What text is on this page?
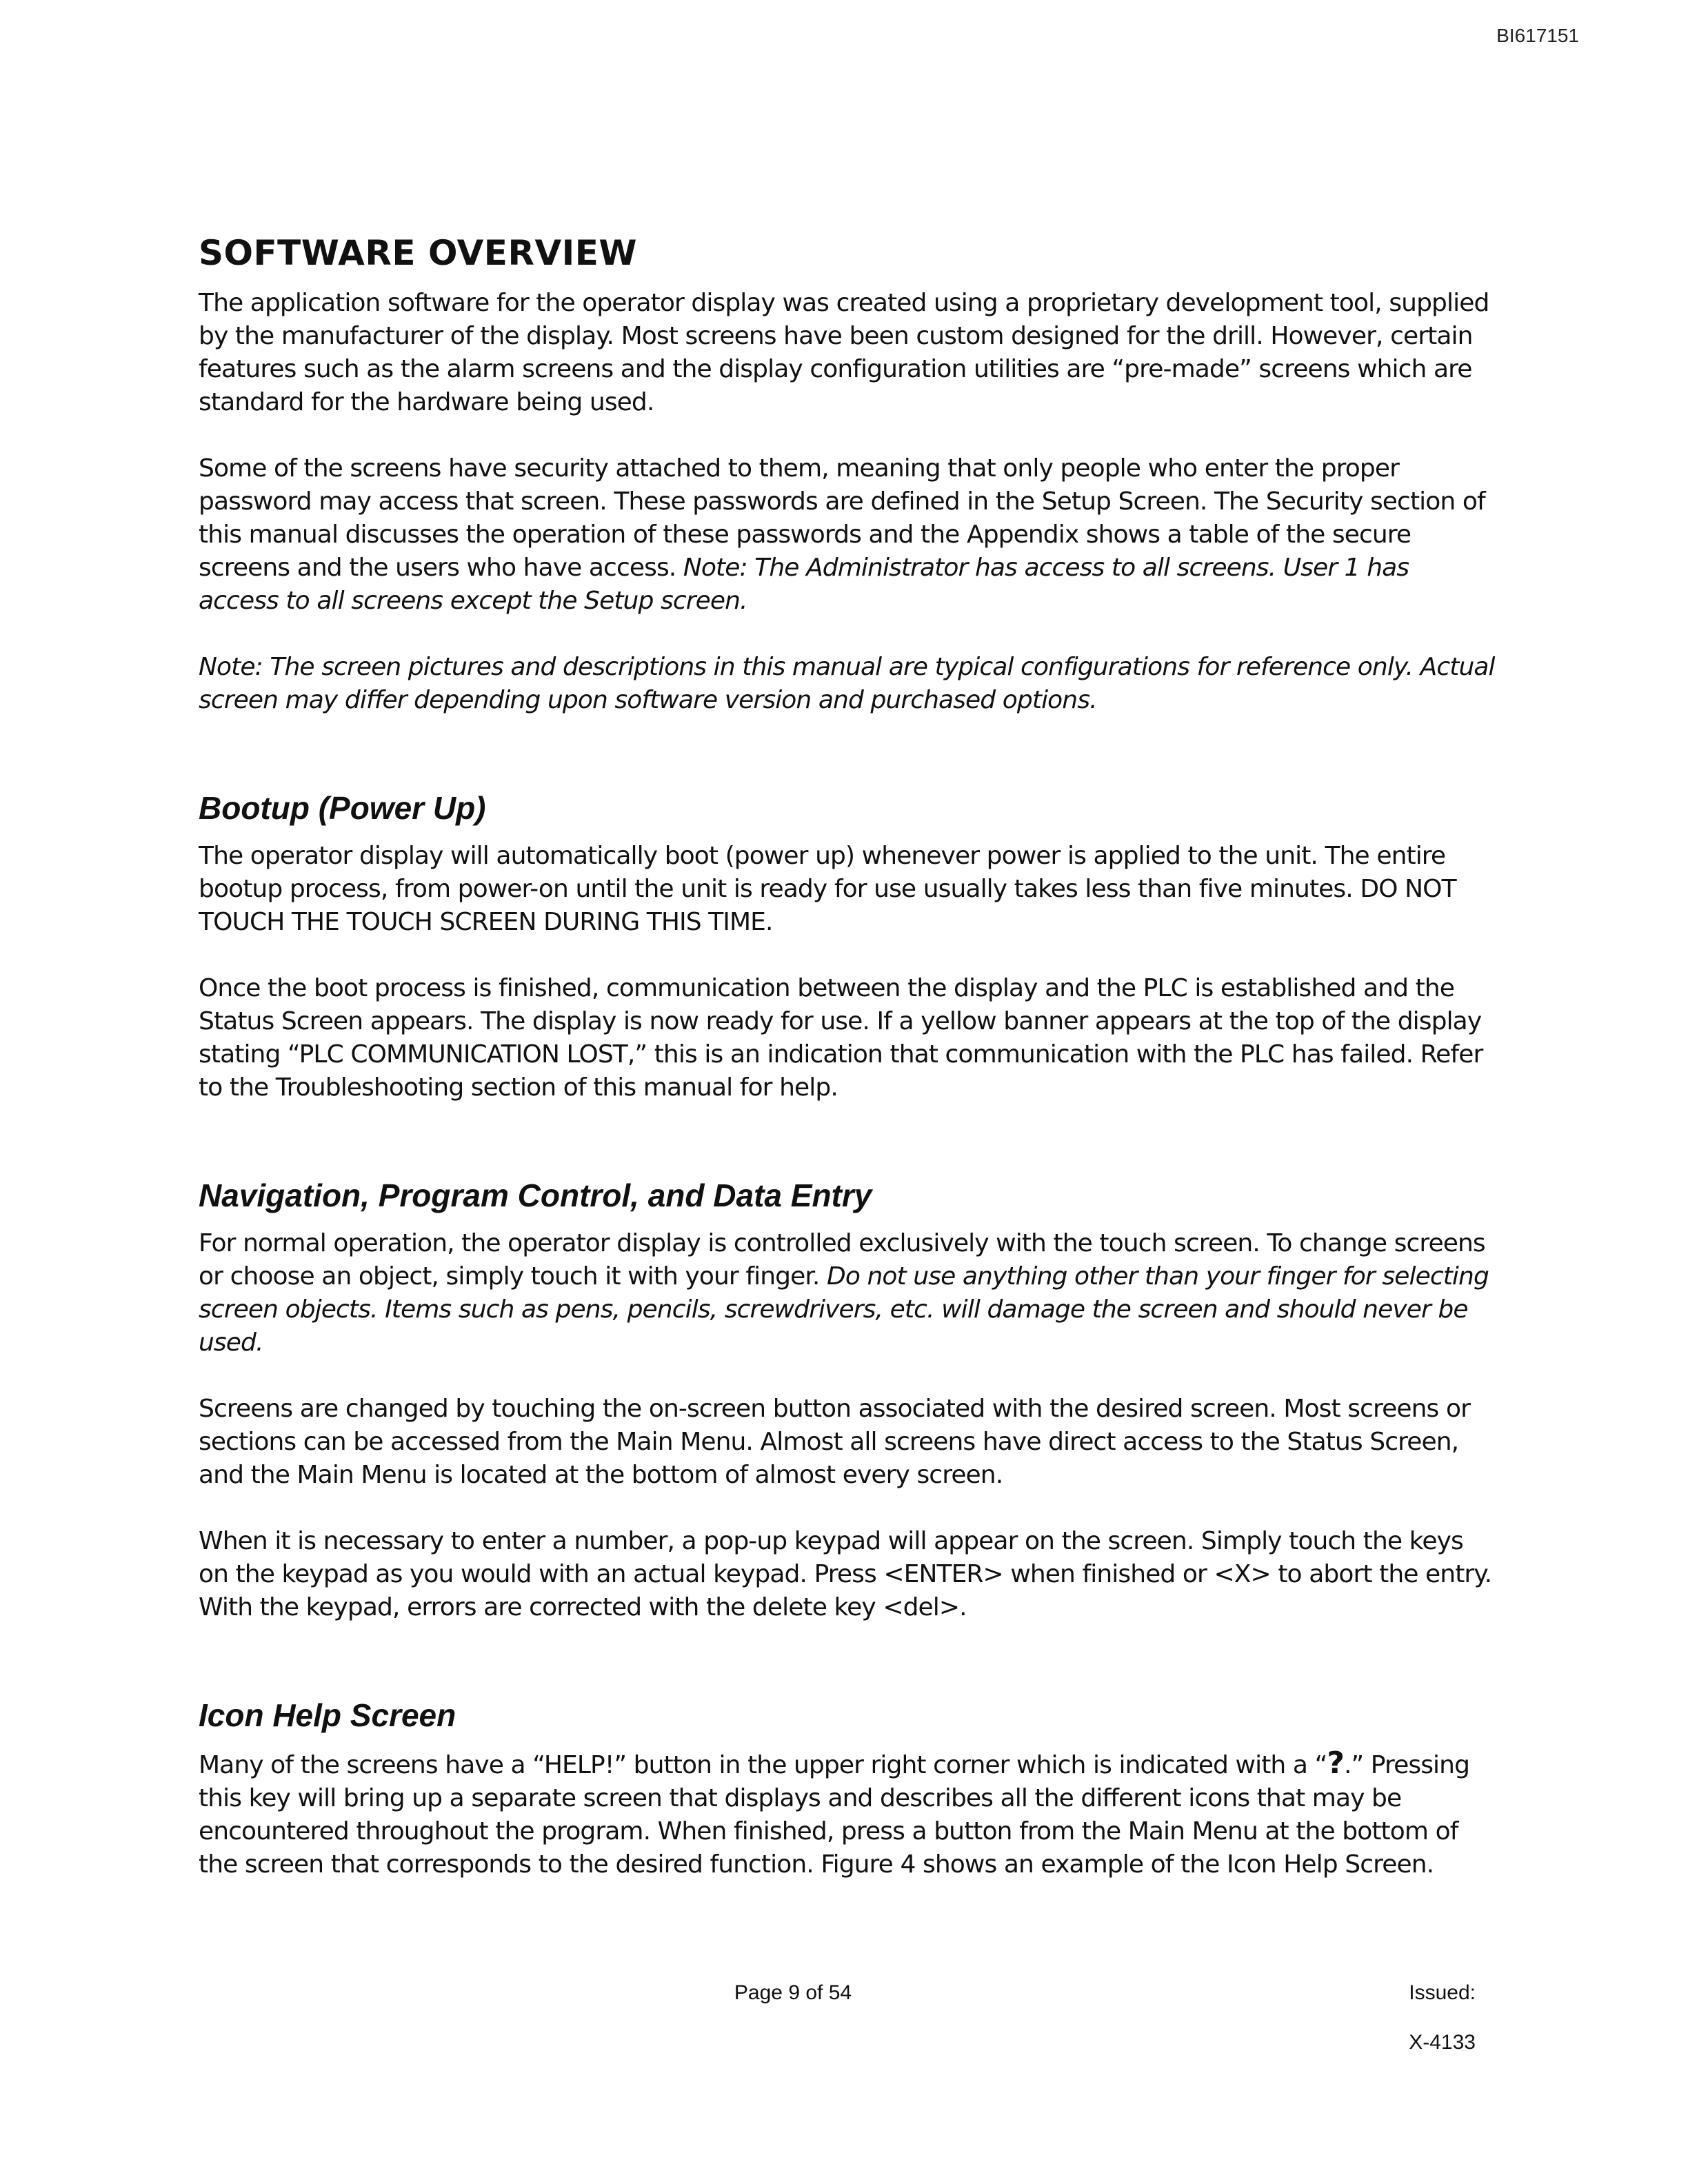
BI617151
SOFTWARE OVERVIEW

The application software for the operator display was created using a proprietary development tool, supplied by the manufacturer of the display. Most screens have been custom designed for the drill. However, certain features such as the alarm screens and the display configuration utilities are “pre-made” screens which are standard for the hardware being used.

Some of the screens have security attached to them, meaning that only people who enter the proper password may access that screen. These passwords are defined in the Setup Screen. The Security section of this manual discusses the operation of these passwords and the Appendix shows a table of the secure screens and the users who have access. Note: The Administrator has access to all screens. User 1 has access to all screens except the Setup screen.

Note: The screen pictures and descriptions in this manual are typical configurations for reference only. Actual screen may differ depending upon software version and purchased options.

Bootup (Power Up)

The operator display will automatically boot (power up) whenever power is applied to the unit. The entire bootup process, from power-on until the unit is ready for use usually takes less than five minutes. DO NOT TOUCH THE TOUCH SCREEN DURING THIS TIME.

Once the boot process is finished, communication between the display and the PLC is established and the Status Screen appears. The display is now ready for use. If a yellow banner appears at the top of the display stating “PLC COMMUNICATION LOST,” this is an indication that communication with the PLC has failed. Refer to the Troubleshooting section of this manual for help.

Navigation, Program Control, and Data Entry

For normal operation, the operator display is controlled exclusively with the touch screen. To change screens or choose an object, simply touch it with your finger. Do not use anything other than your finger for selecting screen objects. Items such as pens, pencils, screwdrivers, etc. will damage the screen and should never be used.

Screens are changed by touching the on-screen button associated with the desired screen. Most screens or sections can be accessed from the Main Menu. Almost all screens have direct access to the Status Screen, and the Main Menu is located at the bottom of almost every screen.

When it is necessary to enter a number, a pop-up keypad will appear on the screen. Simply touch the keys on the keypad as you would with an actual keypad. Press <ENTER> when finished or <X> to abort the entry. With the keypad, errors are corrected with the delete key <del>.

Icon Help Screen

Many of the screens have a “HELP!” button in the upper right corner which is indicated with a “?.” Pressing this key will bring up a separate screen that displays and describes all the different icons that may be encountered throughout the program. When finished, press a button from the Main Menu at the bottom of the screen that corresponds to the desired function. Figure 4 shows an example of the Icon Help Screen.

Page 9 of 54	Issued:
X-4133
